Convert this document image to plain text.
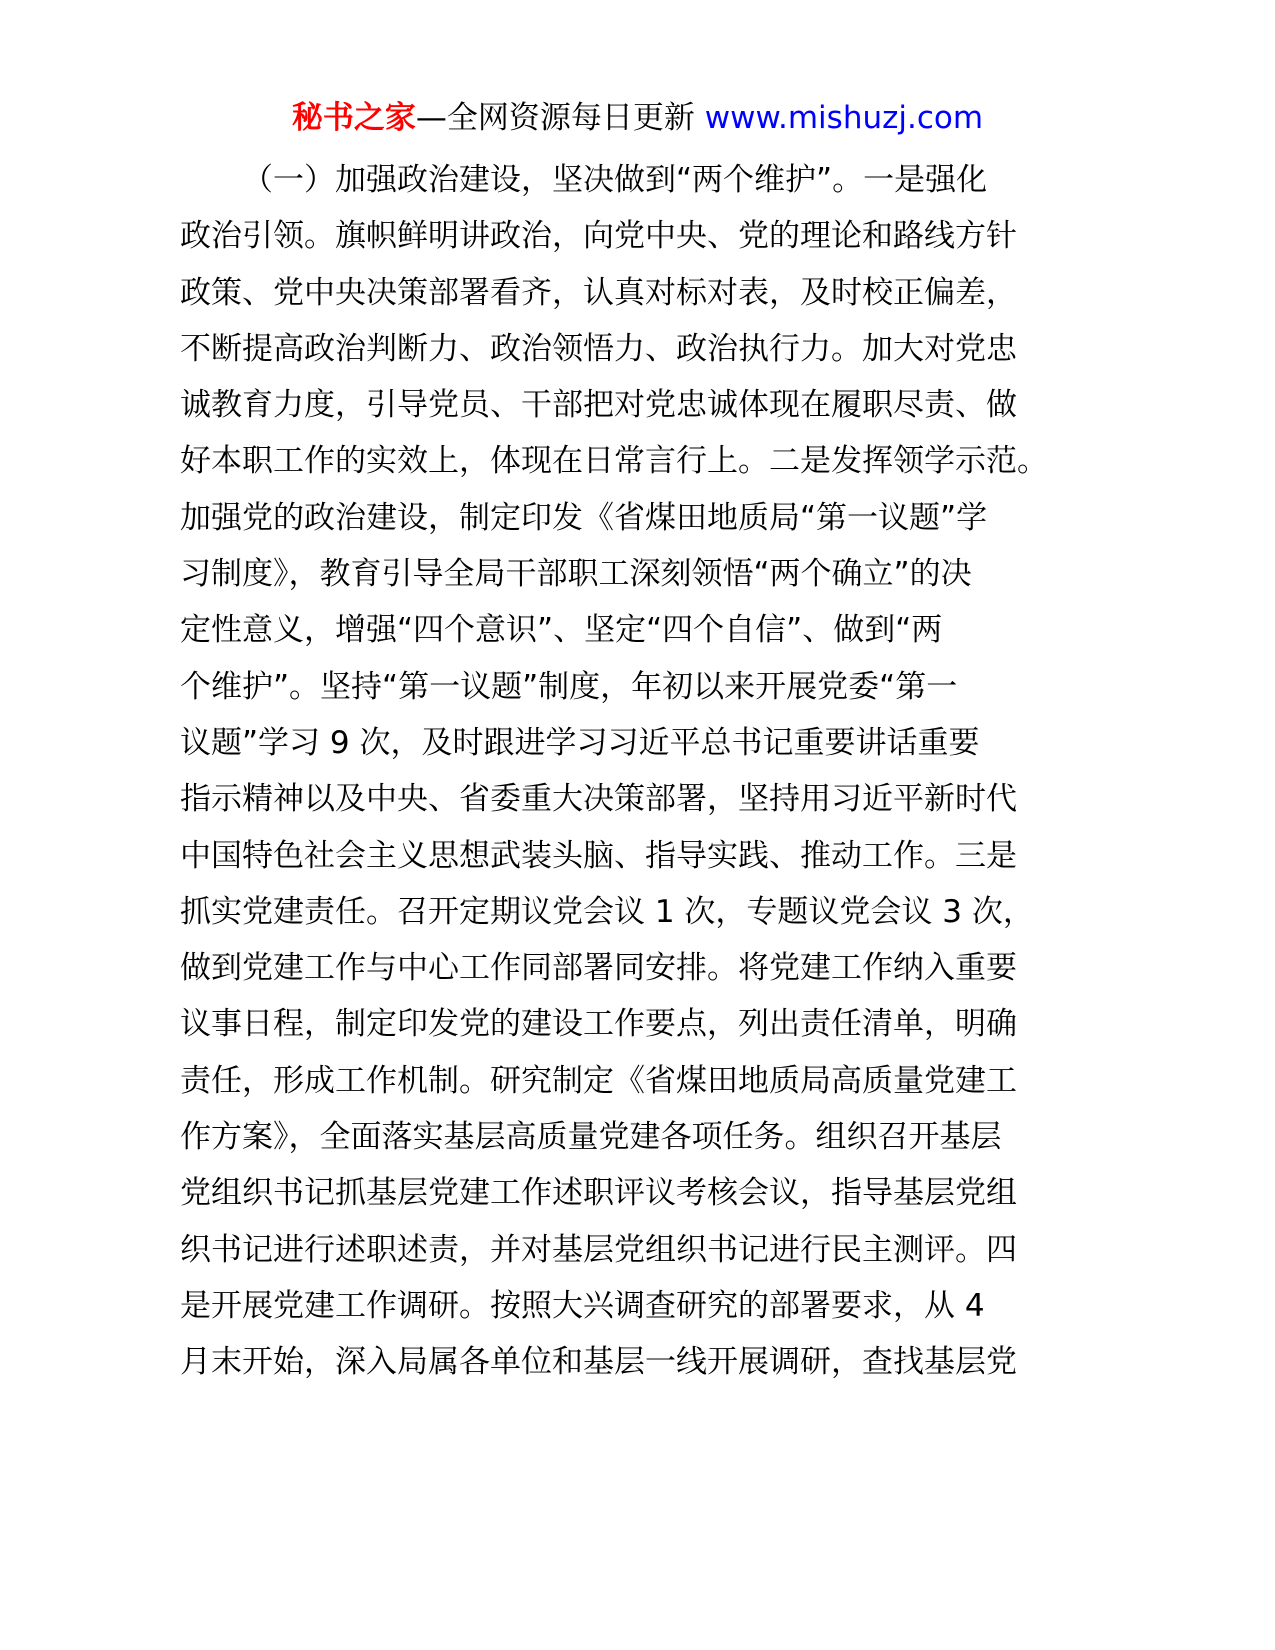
秘书之家—全网资源每日更新 www.mishuzj.com
（一）加强政治建设，坚决做到“两个维护”。一是强化
政治引领。旗帜鲜明讲政治，向党中央、党的理论和路线方针
政策、党中央决策部署看齐，认真对标对表，及时校正偏差，
不断提高政治判断力、政治领悟力、政治执行力。加大对党忠
诚教育力度，引导党员、干部把对党忠诚体现在履职尽责、做
好本职工作的实效上，体现在日常言行上。二是发挥领学示范。
加强党的政治建设，制定印发《省煤田地质局“第一议题”学
习制度》，教育引导全局干部职工深刻领悟“两个确立”的决
定性意义，增强“四个意识”、坚定“四个自信”、做到“两
个维护”。坚持“第一议题”制度，年初以来开展党委“第一
议题”学习 9 次，及时跟进学习习近平总书记重要讲话重要
指示精神以及中央、省委重大决策部署，坚持用习近平新时代
中国特色社会主义思想武装头脑、指导实践、推动工作。三是
抓实党建责任。召开定期议党会议 1 次，专题议党会议 3 次，
做到党建工作与中心工作同部署同安排。将党建工作纳入重要
议事日程，制定印发党的建设工作要点，列出责任清单，明确
责任，形成工作机制。研究制定《省煤田地质局高质量党建工
作方案》，全面落实基层高质量党建各项任务。组织召开基层
党组织书记抓基层党建工作述职评议考核会议，指导基层党组
织书记进行述职述责，并对基层党组织书记进行民主测评。四
是开展党建工作调研。按照大兴调查研究的部署要求，从 4
月末开始，深入局属各单位和基层一线开展调研，查找基层党
